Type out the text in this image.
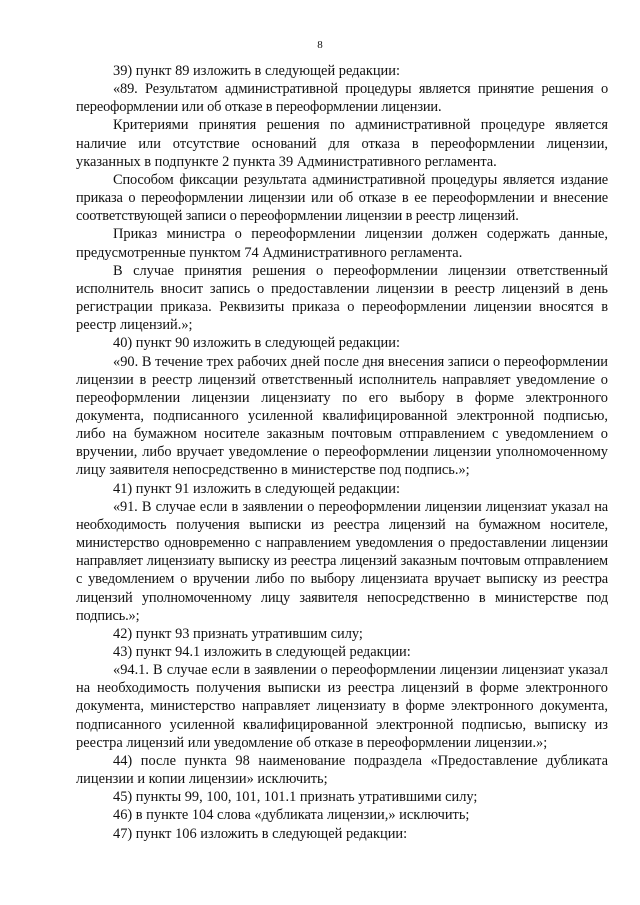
8

39) пункт 89 изложить в следующей редакции:

«89. Результатом административной процедуры является принятие решения о переоформлении или об отказе в переоформлении лицензии.

Критериями принятия решения по административной процедуре является наличие или отсутствие оснований для отказа в переоформлении лицензии, указанных в подпункте 2 пункта 39 Административного регламента.

Способом фиксации результата административной процедуры является издание приказа о переоформлении лицензии или об отказе в ее переоформлении и внесение соответствующей записи о переоформлении лицензии в реестр лицензий.

Приказ министра о переоформлении лицензии должен содержать данные, предусмотренные пунктом 74 Административного регламента.

В случае принятия решения о переоформлении лицензии ответственный исполнитель вносит запись о предоставлении лицензии в реестр лицензий в день регистрации приказа. Реквизиты приказа о переоформлении лицензии вносятся в реестр лицензий.»;

40) пункт 90 изложить в следующей редакции:

«90. В течение трех рабочих дней после дня внесения записи о переоформлении лицензии в реестр лицензий ответственный исполнитель направляет уведомление о переоформлении лицензии лицензиату по его выбору в форме электронного документа, подписанного усиленной квалифицированной электронной подписью, либо на бумажном носителе заказным почтовым отправлением с уведомлением о вручении, либо вручает уведомление о переоформлении лицензии уполномоченному лицу заявителя непосредственно в министерстве под подпись.»;

41) пункт 91 изложить в следующей редакции:

«91. В случае если в заявлении о переоформлении лицензии лицензиат указал на необходимость получения выписки из реестра лицензий на бумажном носителе, министерство одновременно с направлением уведомления о предоставлении лицензии направляет лицензиату выписку из реестра лицензий заказным почтовым отправлением с уведомлением о вручении либо по выбору лицензиата вручает выписку из реестра лицензий уполномоченному лицу заявителя непосредственно в министерстве под подпись.»;

42) пункт 93 признать утратившим силу;

43) пункт 94.1 изложить в следующей редакции:

«94.1. В случае если в заявлении о переоформлении лицензии лицензиат указал на необходимость получения выписки из реестра лицензий в форме электронного документа, министерство направляет лицензиату в форме электронного документа, подписанного усиленной квалифицированной электронной подписью, выписку из реестра лицензий или уведомление об отказе в переоформлении лицензии.»;

44) после пункта 98 наименование подраздела «Предоставление дубликата лицензии и копии лицензии» исключить;

45) пункты 99, 100, 101, 101.1 признать утратившими силу;

46) в пункте 104 слова «дубликата лицензии,» исключить;

47) пункт 106 изложить в следующей редакции:
